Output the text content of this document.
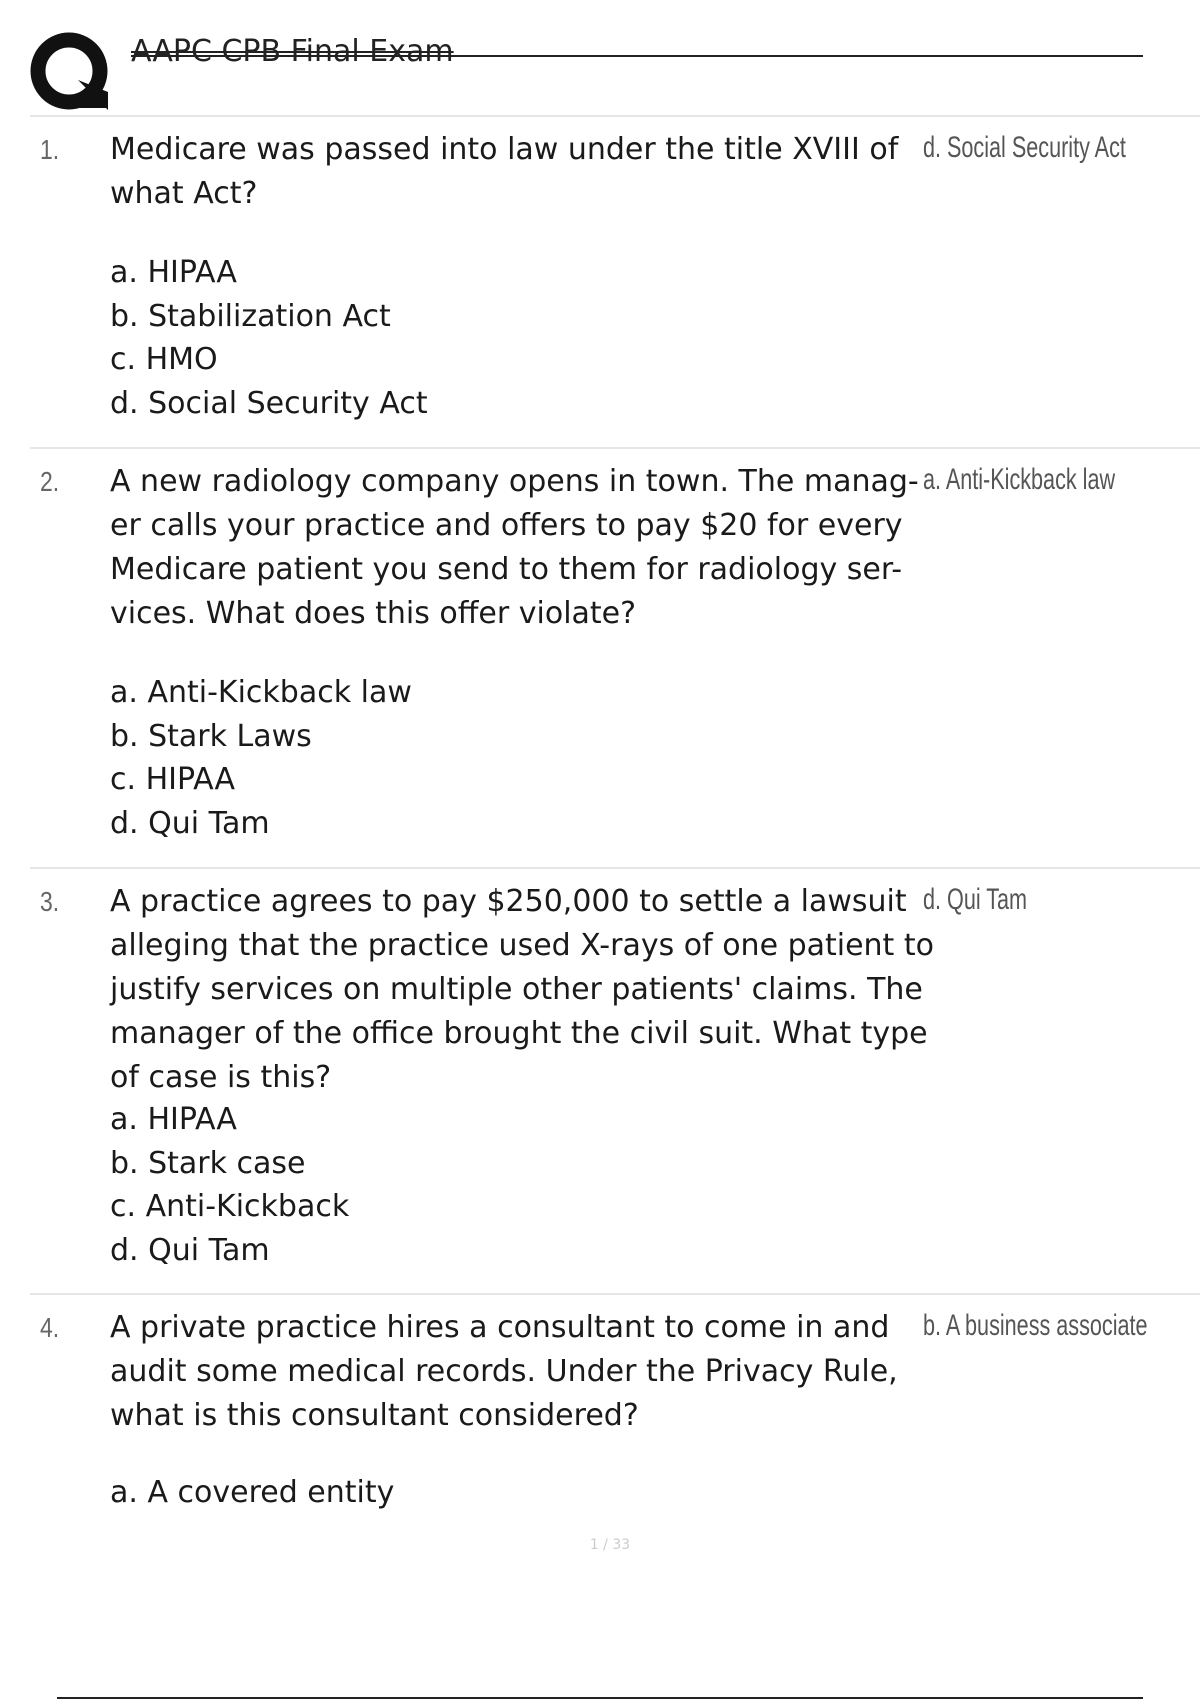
AAPC CPB Final Exam
1. Medicare was passed into law under the title XVIII of what Act?
d. Social Security Act
a. HIPAA
b. Stabilization Act
c. HMO
d. Social Security Act
2. A new radiology company opens in town. The manag- er calls your practice and offers to pay $20 for every Medicare patient you send to them for radiology ser- vices. What does this offer violate?
a. Anti-Kickback law
a. Anti-Kickback law
b. Stark Laws
c. HIPAA
d. Qui Tam
3. A practice agrees to pay $250,000 to settle a lawsuit alleging that the practice used X-rays of one patient to justify services on multiple other patients' claims. The manager of the office brought the civil suit. What type of case is this?
d. Qui Tam
a. HIPAA
b. Stark case
c. Anti-Kickback
d. Qui Tam
4. A private practice hires a consultant to come in and audit some medical records. Under the Privacy Rule, what is this consultant considered?
b. A business associate
a. A covered entity
1 / 33
